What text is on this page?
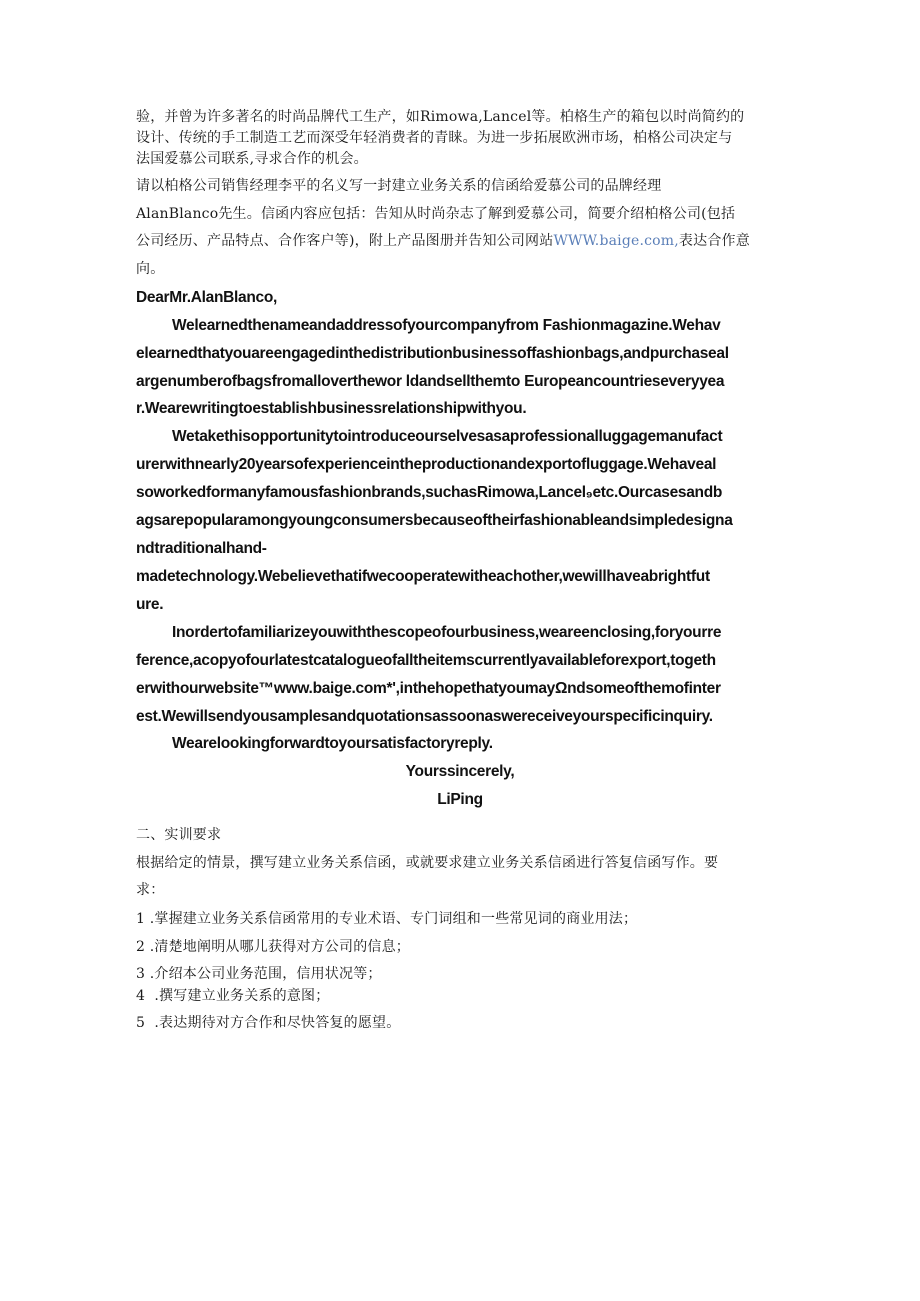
验，并曾为许多著名的时尚品牌代工生产，如Rimowa,Lancel等。柏格生产的箱包以时尚简约的
设计、传统的手工制造工艺而深受年轻消费者的青睐。为进一步拓展欧洲市场，柏格公司决定与
法国爱慕公司联系,寻求合作的机会。
请以柏格公司销售经理李平的名义写一封建立业务关系的信函给爱慕公司的品牌经理
AlanBlanco先生。信函内容应包括：告知从时尚杂志了解到爱慕公司，简要介绍柏格公司(包括
公司经历、产品特点、合作客户等)，附上产品图册并告知公司网站WWW.baige.com,表达合作意
向。
DearMr.AlanBlanco,
Welearnedthenameandaddressofyourcompanyfrom Fashionmagazine.Wehav
elearnedthatyouareengagedinthedistributionbusinessoffashionbags,andpurchaseal
argenumberofbagsfromalloverthewor ldandsellthemto Europeancountrieseveryyea
r.Wearewritingtoestablishbusinessrelationshipwithyou.
Wetakethisopportunitytointroduceourselvesasaprofessionalluggagemanufact
urerwithnearly20yearsofexperienceintheproductionandexportofluggage.Wehaveal
soworkedformanyfamousfashionbrands,suchasRimowa,Lancel₉etc.Ourcasesandb
agsarepopularamongyoungconsumersbecauseoftheirfashionableandsimpledesigna
ndtraditionalhand-
madetechnology.Webelievethatifwecooperatewitheachother,wewillhaveabrightfut
ure.
Inordertofamiliarizeyouwiththescopeofourbusiness,weareenclosing,foryourre
ference,acopyofourlatestcatalogueofalltheitemscurrentlyavailableforexport,togeth
erwithourwebsite™www.baige.com*',inthehopethatyoumayΩndsomeofthemofinter
est.Wewillsendyousamplesandquotationsassoonaswereceiveyourspecificinquiry.
Wearelookingforwardtoyoursatisfactoryreply.
Yourssincerely,
LiPing
二、实训要求
根据给定的情景，撰写建立业务关系信函，或就要求建立业务关系信函进行答复信函写作。要
求：
1 .掌握建立业务关系信函常用的专业术语、专门词组和一些常见词的商业用法；
2 .清楚地阐明从哪儿获得对方公司的信息；
3 .介绍本公司业务范围，信用状况等；
4  .撰写建立业务关系的意图；
5  .表达期待对方合作和尽快答复的愿望。
